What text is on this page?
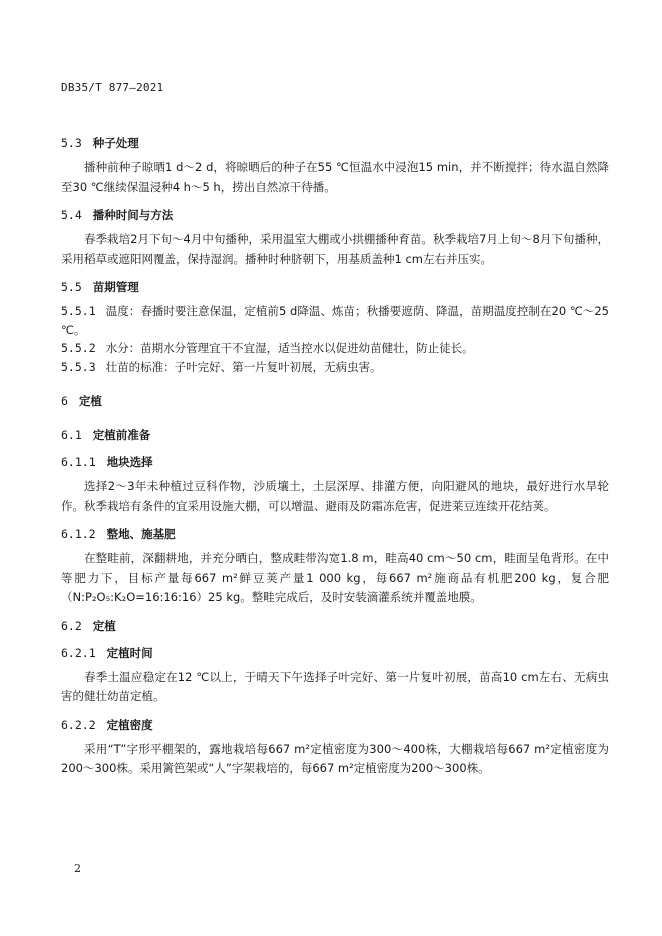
DB35/T 877—2021
5.3 种子处理

播种前种子晾晒1 d～2 d，将晾晒后的种子在55 ℃恒温水中浸泡15 min，并不断搅拌；待水温自然降至30 ℃继续保温浸种4 h～5 h，捞出自然凉干待播。

5.4 播种时间与方法

春季栽培2月下旬～4月中旬播种，采用温室大棚或小拱棚播种育苗。秋季栽培7月上旬～8月下旬播种，采用稻草或遮阳网覆盖，保持湿润。播种时种脐朝下，用基质盖种1 cm左右并压实。

5.5 苗期管理

5.5.1 温度：春播时要注意保温，定植前5 d降温、炼苗；秋播要遮荫、降温，苗期温度控制在20 ℃～25 ℃。

5.5.2 水分：苗期水分管理宜干不宜湿，适当控水以促进幼苗健壮，防止徒长。

5.5.3 壮苗的标准：子叶完好、第一片复叶初展，无病虫害。

6 定植
6.1 定植前准备
6.1.1 地块选择

选择2～3年未种植过豆科作物，沙质壤土，土层深厚、排灌方便，向阳避风的地块，最好进行水旱轮作。秋季栽培有条件的宜采用设施大棚，可以增温、避雨及防霜冻危害，促进莱豆连续开花结荚。

6.1.2 整地、施基肥

在整畦前，深翻耕地，并充分晒白，整成畦带沟宽1.8 m，畦高40 cm～50 cm，畦面呈龟背形。在中等肥力下，目标产量每667 m²鲜豆荚产量1 000 kg，每667 m²施商品有机肥200 kg，复合肥（N:P₂O₅:K₂O=16:16:16）25 kg。整畦完成后，及时安装滴灌系统并覆盖地膜。

6.2 定植
6.2.1 定植时间

春季土温应稳定在12 ℃以上，于晴天下午选择子叶完好、第一片复叶初展，苗高10 cm左右、无病虫害的健壮幼苗定植。

6.2.2 定植密度

采用“T”字形平棚架的，露地栽培每667 m²定植密度为300～400株，大棚栽培每667 m²定植密度为200～300株。采用篱笆架或“人”字架栽培的，每667 m²定植密度为200～300株。

2
